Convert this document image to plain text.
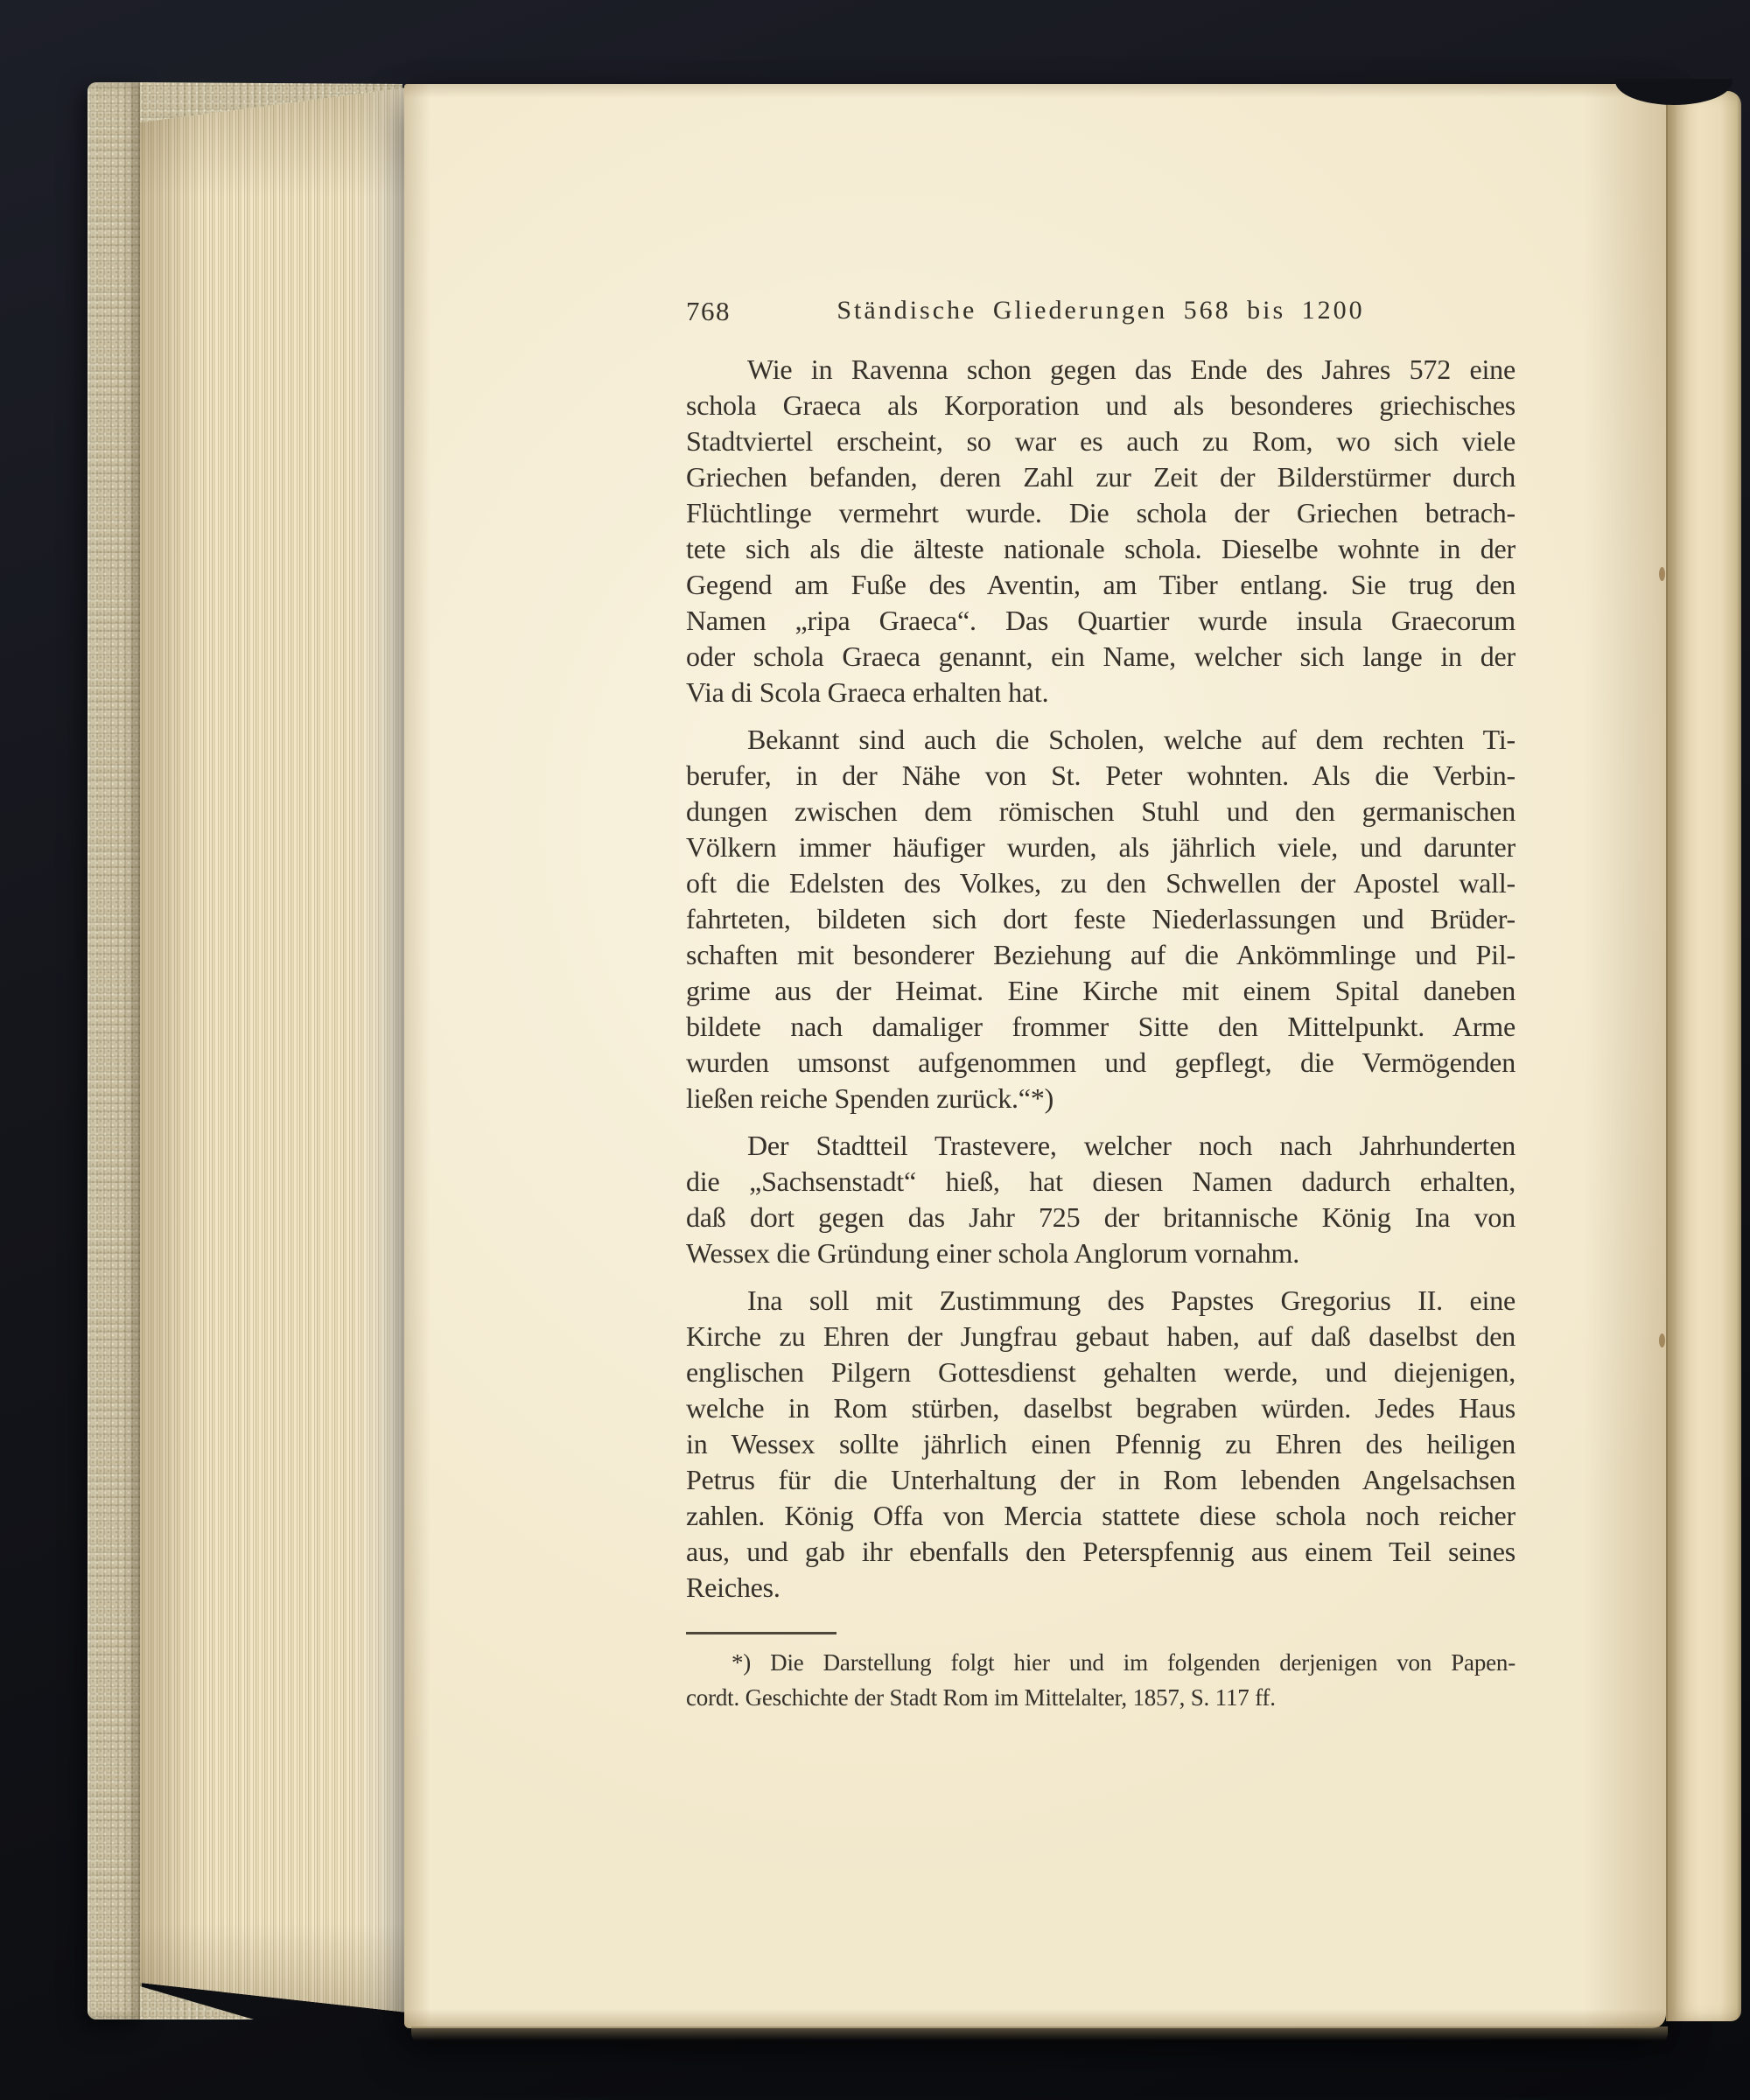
768	Ständische Gliederungen 568 bis 1200
Wie in Ravenna schon gegen das Ende des Jahres 572 eine
schola Graeca als Korporation und als besonderes griechisches
Stadtviertel erscheint, so war es auch zu Rom, wo sich viele
Griechen befanden, deren Zahl zur Zeit der Bilderstürmer durch
Flüchtlinge vermehrt wurde. Die schola der Griechen betrach-
tete sich als die älteste nationale schola. Dieselbe wohnte in der
Gegend am Fuße des Aventin, am Tiber entlang. Sie trug den
Namen „ripa Graeca“. Das Quartier wurde insula Graecorum
oder schola Graeca genannt, ein Name, welcher sich lange in der
Via di Scola Graeca erhalten hat.
Bekannt sind auch die Scholen, welche auf dem rechten Ti-
berufer, in der Nähe von St. Peter wohnten. Als die Verbin-
dungen zwischen dem römischen Stuhl und den germanischen
Völkern immer häufiger wurden, als jährlich viele, und darunter
oft die Edelsten des Volkes, zu den Schwellen der Apostel wall-
fahrteten, bildeten sich dort feste Niederlassungen und Brüder-
schaften mit besonderer Beziehung auf die Ankömmlinge und Pil-
grime aus der Heimat. Eine Kirche mit einem Spital daneben
bildete nach damaliger frommer Sitte den Mittelpunkt. Arme
wurden umsonst aufgenommen und gepflegt, die Vermögenden
ließen reiche Spenden zurück.“*)
Der Stadtteil Trastevere, welcher noch nach Jahrhunderten
die „Sachsenstadt“ hieß, hat diesen Namen dadurch erhalten,
daß dort gegen das Jahr 725 der britannische König Ina von
Wessex die Gründung einer schola Anglorum vornahm.
Ina soll mit Zustimmung des Papstes Gregorius II. eine
Kirche zu Ehren der Jungfrau gebaut haben, auf daß daselbst den
englischen Pilgern Gottesdienst gehalten werde, und diejenigen,
welche in Rom stürben, daselbst begraben würden. Jedes Haus
in Wessex sollte jährlich einen Pfennig zu Ehren des heiligen
Petrus für die Unterhaltung der in Rom lebenden Angelsachsen
zahlen. König Offa von Mercia stattete diese schola noch reicher
aus, und gab ihr ebenfalls den Peterspfennig aus einem Teil seines
Reiches.
*) Die Darstellung folgt hier und im folgenden derjenigen von Papen-
cordt. Geschichte der Stadt Rom im Mittelalter, 1857, S. 117 ff.
